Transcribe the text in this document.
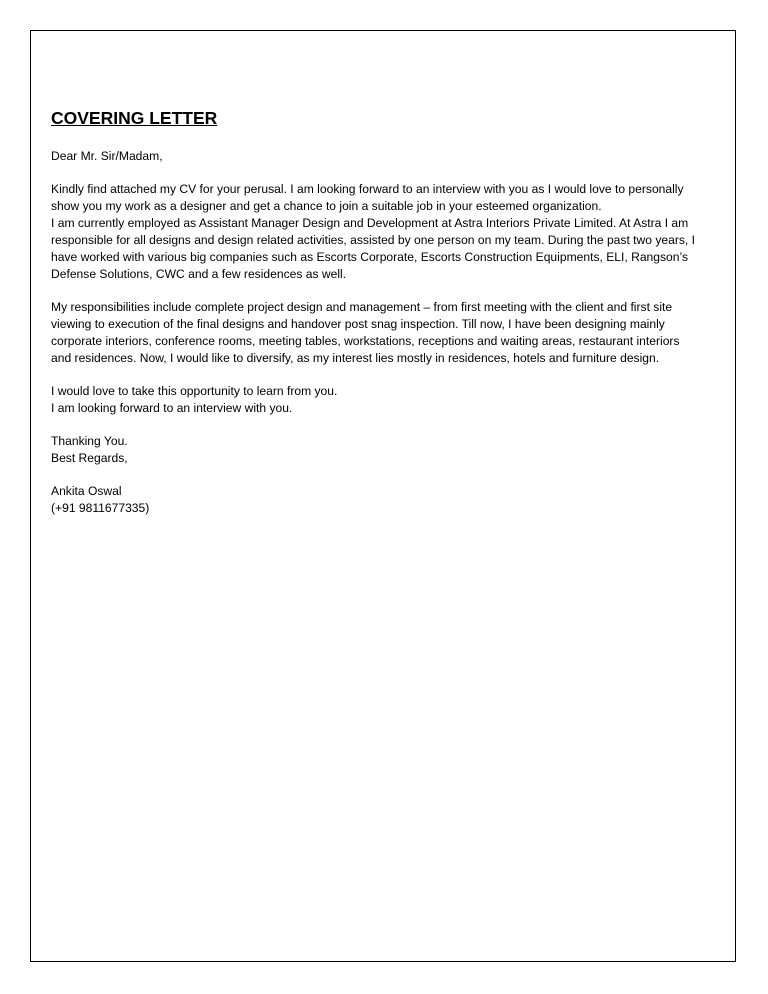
COVERING LETTER
Dear Mr. Sir/Madam,
Kindly find attached my CV for your perusal. I am looking forward to an interview with you as I would love to personally
show you my work as a designer and get a chance to join a suitable job in your esteemed organization.
I am currently employed as Assistant Manager Design and Development at Astra Interiors Private Limited. At Astra I am
responsible for all designs and design related activities, assisted by one person on my team. During the past two years, I
have worked with various big companies such as Escorts Corporate, Escorts Construction Equipments, ELI, Rangson’s
Defense Solutions, CWC and a few residences as well.
My responsibilities include complete project design and management – from first meeting with the client and first site
viewing to execution of the final designs and handover post snag inspection. Till now, I have been designing mainly
corporate interiors, conference rooms, meeting tables, workstations, receptions and waiting areas, restaurant interiors
and residences. Now, I would like to diversify, as my interest lies mostly in residences, hotels and furniture design.
I would love to take this opportunity to learn from you.
I am looking forward to an interview with you.
Thanking You.
Best Regards,
Ankita Oswal
(+91 9811677335)
